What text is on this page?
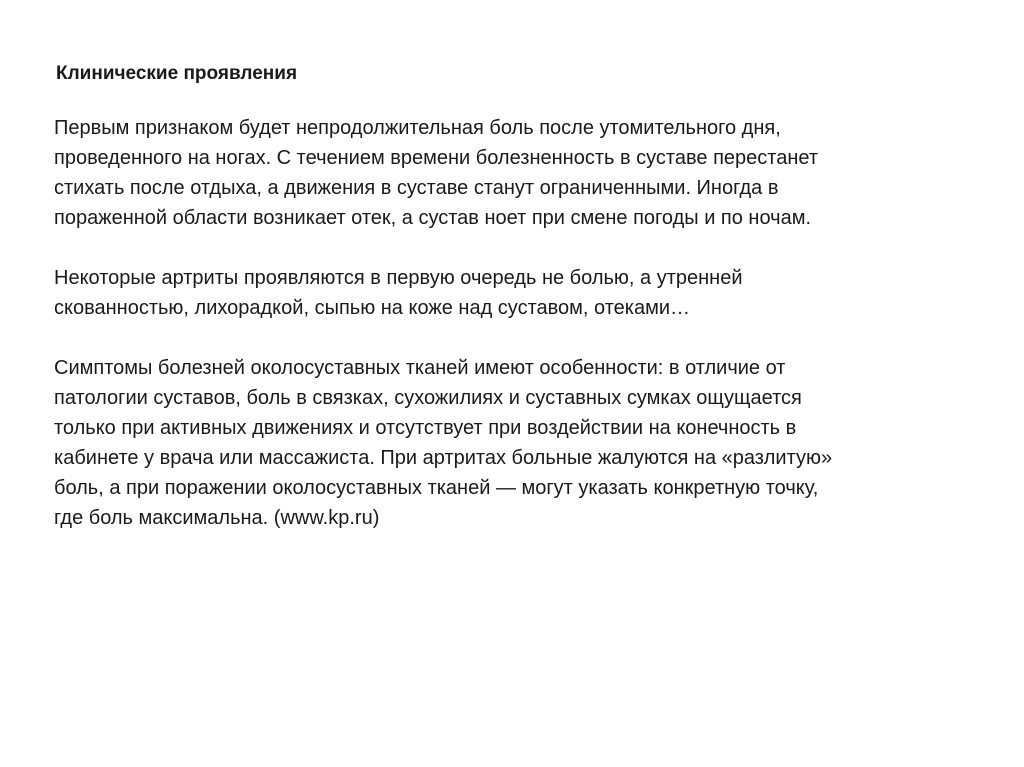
Клинические проявления

Первым признаком будет непродолжительная боль после утомительного дня,
проведенного на ногах. С течением времени болезненность в суставе перестанет
стихать после отдыха, а движения в суставе станут ограниченными. Иногда в
пораженной области возникает отек, а сустав ноет при смене погоды и по ночам.

Некоторые артриты проявляются в первую очередь не болью, а утренней
скованностью, лихорадкой, сыпью на коже над суставом, отеками…

Симптомы болезней околосуставных тканей имеют особенности: в отличие от
патологии суставов, боль в связках, сухожилиях и суставных сумках ощущается
только при активных движениях и отсутствует при воздействии на конечность в
кабинете у врача или массажиста. При артритах больные жалуются на «разлитую»
боль, а при поражении околосуставных тканей — могут указать конкретную точку,
где боль максимальна. (www.kp.ru)
